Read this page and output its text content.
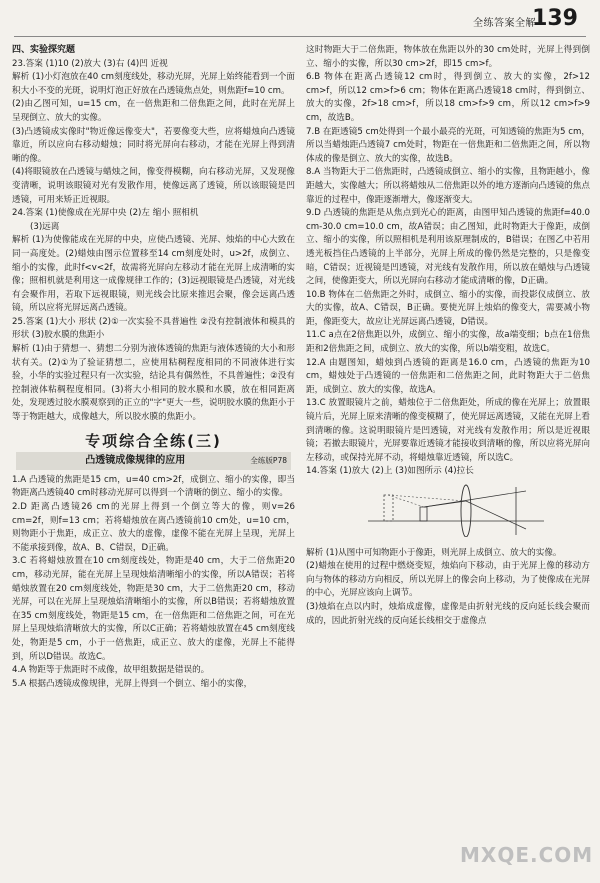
全练答案全解
139

四、实验探究题

23.答案 (1)10 (2)放大 (3)右 (4)凹 近视

解析 (1)小灯泡放在40 cm刻度线处，移动光屏，光屏上始终能看到一个面积大小不变的光斑，说明灯泡正好放在凸透镜焦点处，则焦距f=10 cm。

(2)由乙图可知，u=15 cm，在一倍焦距和二倍焦距之间，此时在光屏上呈现倒立、放大的实像。

(3)凸透镜成实像时"物近像远像变大"，若要像变大些，应将蜡烛向凸透镜靠近，所以应向右移动蜡烛；同时将光屏向右移动，才能在光屏上得到清晰的像。

(4)将眼镜放在凸透镜与蜡烛之间，像变得模糊，向右移动光屏，又发现像变清晰，说明该眼镜对光有发散作用，使像远离了透镜，所以该眼镜是凹透镜，可用来矫正近视眼。

24.答案 (1)使像成在光屏中央 (2)左 缩小 照相机

(3)远离

解析 (1)为使像能成在光屏的中央，应使凸透镜、光屏、烛焰的中心大致在同一高度处。(2)蜡烛由图示位置移至14 cm刻度处时，u>2f，成倒立、缩小的实像，此时f<v<2f，故需将光屏向左移动才能在光屏上成清晰的实像；照相机就是利用这一成像规律工作的；(3)远视眼镜是凸透镜，对光线有会聚作用，若取下远视眼镜，则光线会比原来推迟会聚，像会远离凸透镜，所以应将光屏远离凸透镜。

25.答案 (1)大小 形状 (2)①一次实验不具普遍性 ②没有控制液体和模具的形状 (3)胶水膜的焦距小

解析 (1)由于猜想一、猜想二分别为液体透镜的焦距与液体透镜的大小和形状有关。(2)①为了验证猜想二，应使用粘稠程度相同的不同液体进行实验，小华的实验过程只有一次实验，结论具有偶然性，不具普遍性；②没有控制液体粘稠程度相同。(3)将大小相同的胶水膜和水膜，放在相同距离处，发现透过胶水膜观察到的正立的"字"更大一些，说明胶水膜的焦距小于等于物距越大，成像越大，所以胶水膜的焦距小。

专项综合全练(三)
凸透镜成像规律的应用	全练版P78

1.A 凸透镜的焦距是15 cm，u=40 cm>2f，成倒立、缩小的实像，即当物距离凸透镜40 cm时移动光屏可以得到一个清晰的倒立、缩小的实像。

2.D 距离凸透镜26 cm的光屏上得到一个倒立等大的像，则v=26 cm=2f，则f=13 cm；若将蜡烛放在离凸透镜前10 cm处，u=10 cm，则物距小于焦距，成正立、放大的虚像，虚像不能在光屏上呈现，光屏上不能承接到像，故A、B、C错误，D正确。

3.C 若将蜡烛放置在10 cm刻度线处，物距是40 cm，大于二倍焦距20 cm，移动光屏，能在光屏上呈现烛焰清晰缩小的实像，所以A错误；若将蜡烛放置在20 cm刻度线处，物距是30 cm，大于二倍焦距20 cm，移动光屏，可以在光屏上呈现烛焰清晰缩小的实像，所以B错误；若将蜡烛放置在35 cm刻度线处，物距是15 cm，在一倍焦距和二倍焦距之间，可在光屏上呈现烛焰清晰放大的实像，所以C正确；若将蜡烛放置在45 cm刻度线处，物距是5 cm，小于一倍焦距，成正立、放大的虚像，光屏上不能得到，所以D错误。故选C。

4.A 物距等于焦距时不成像，故甲组数据是错误的。

5.A 根据凸透镜成像规律，光屏上得到一个倒立、缩小的实像，

这时物距大于二倍焦距，物体放在焦距以外的30 cm处时，光屏上得到倒立、缩小的实像，所以30 cm>2f，即15 cm>f。

6.B 物体在距离凸透镜12 cm时，得到倒立、放大的实像，2f>12 cm>f，所以12 cm>f>6 cm；物体在距离凸透镜18 cm时，得到倒立、放大的实像，2f>18 cm>f，所以18 cm>f>9 cm，所以12 cm>f>9 cm，故选B。

7.B 在距透镜5 cm处得到一个最小最亮的光斑，可知透镜的焦距为5 cm，所以当蜡烛距凸透镜7 cm处时，物距在一倍焦距和二倍焦距之间，所以物体成的像是倒立、放大的实像，故选B。

8.A 当物距大于二倍焦距时，凸透镜成倒立、缩小的实像，且物距越小，像距越大，实像越大；所以将蜡烛从二倍焦距以外的地方逐渐向凸透镜的焦点靠近的过程中，像距逐渐增大，像逐渐变大。

9.D 凸透镜的焦距是从焦点到光心的距离，由图甲知凸透镜的焦距f=40.0 cm-30.0 cm=10.0 cm，故A错误；由乙图知，此时物距大于像距，成倒立、缩小的实像，所以照相机是利用该原理制成的，B错误；在图乙中若用透光板挡住凸透镜的上半部分，光屏上所成的像仍然是完整的，只是像变暗，C错误；近视镜是凹透镜，对光线有发散作用，所以放在蜡烛与凸透镜之间，使像距变大，所以光屏向右移动才能成清晰的像，D正确。

10.B 物体在二倍焦距之外时，成倒立、缩小的实像，而投影仪成倒立、放大的实像，故A、C错误，B正确。要使光屏上烛焰的像变大，需要减小物距，像距变大，故应让光屏远离凸透镜，D错误。

11.C a点在2倍焦距以外，成倒立、缩小的实像，故a端变细；b点在1倍焦距和2倍焦距之间，成倒立、放大的实像，所以b端变粗，故选C。

12.A 由题图知，蜡烛到凸透镜的距离是16.0 cm，凸透镜的焦距为10 cm，蜡烛处于凸透镜的一倍焦距和二倍焦距之间，此时物距大于二倍焦距，成倒立、放大的实像，故选A。

13.C 放置眼镜片之前，蜡烛位于二倍焦距处，所成的像在光屏上；放置眼镜片后，光屏上原来清晰的像变模糊了，使光屏远离透镜，又能在光屏上看到清晰的像。这说明眼镜片是凹透镜，对光线有发散作用；所以是近视眼镜；若撤去眼镜片，光屏要靠近透镜才能接收到清晰的像，所以应将光屏向左移动，或保持光屏不动，将蜡烛靠近透镜，所以选C。

14.答案 (1)放大 (2)上 (3)如图所示 (4)拉长

解析 (1)从图中可知物距小于像距，则光屏上成倒立、放大的实像。

(2)蜡烛在使用的过程中燃烧变短，烛焰向下移动，由于光屏上像的移动方向与物体的移动方向相反，所以光屏上的像会向上移动，为了使像成在光屏的中心，光屏应该向上调节。

(3)烛焰在点以内时，烛焰成虚像，虚像是由折射光线的反向延长线会聚而成的，因此折射光线的反向延长线相交于虚像点

MXQE.COM
